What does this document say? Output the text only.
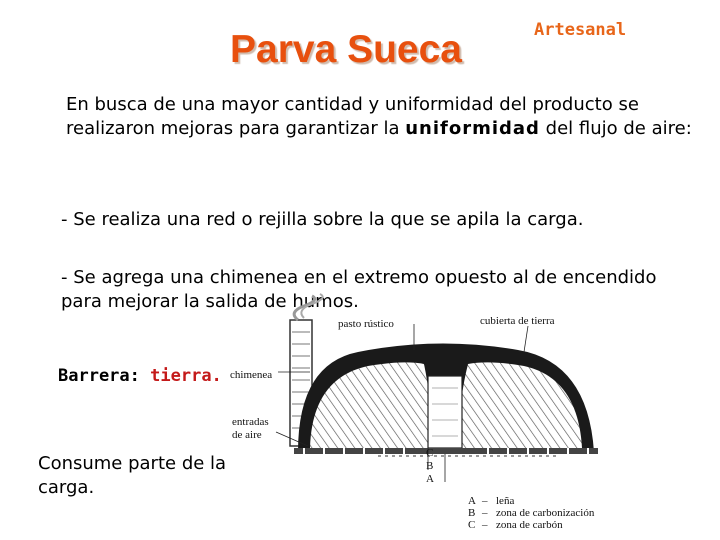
Parva Sueca	Artesanal

En busca de una mayor cantidad y uniformidad del producto se realizaron mejoras para garantizar la uniformidad del flujo de aire:

- Se realiza una red o rejilla sobre la que se apila la carga.

- Se agrega una chimenea en el extremo opuesto al de encendido para mejorar la salida de humos.

Barrera: tierra.

Consume parte de la carga.

pasto rústico	cubierta de tierra
chimenea
entradas
de aire
C
B
A
A – leña
B – zona de carbonización
C – zona de carbón
